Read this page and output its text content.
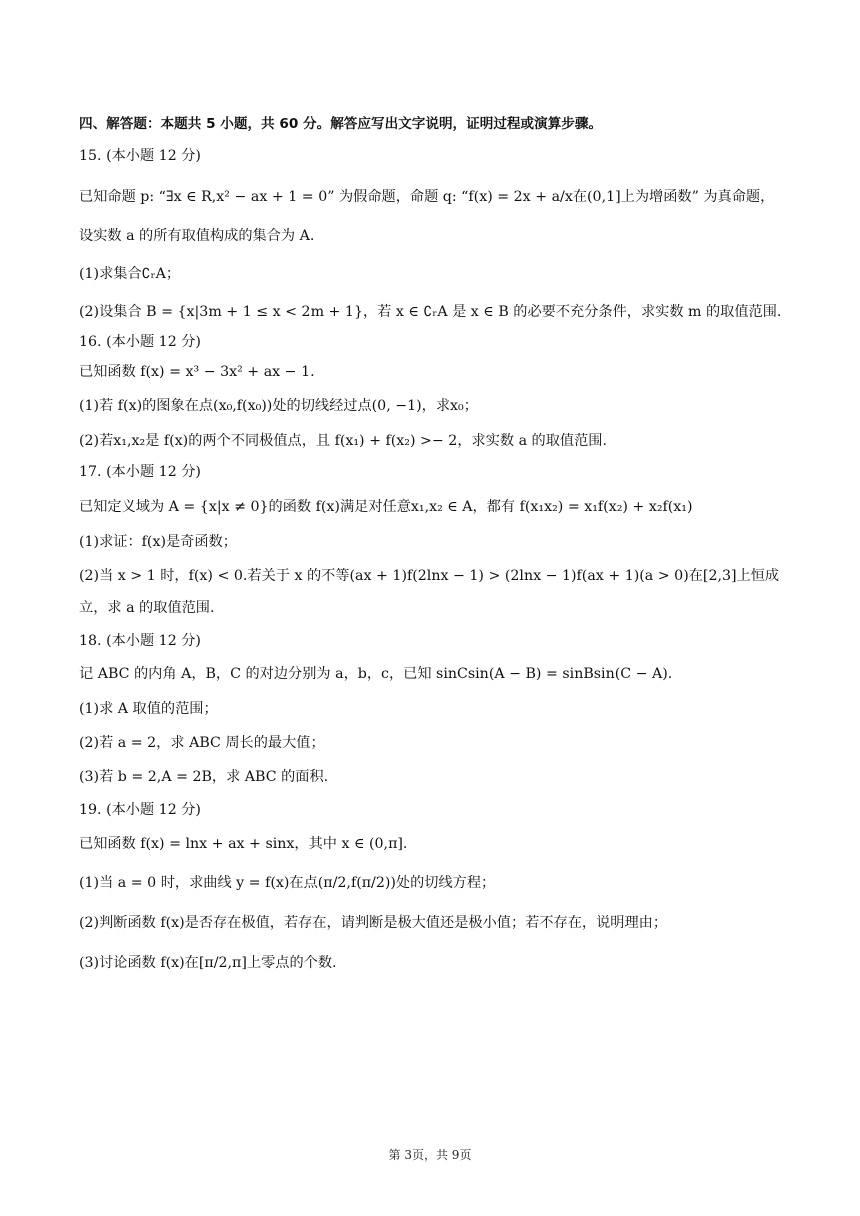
四、解答题：本题共 5 小题，共 60 分。解答应写出文字说明，证明过程或演算步骤。
15. (本小题 12 分)
已知命题 p: “∃x ∈ R,x² − ax + 1 = 0” 为假命题，命题 q: “f(x) = 2x + a/x在(0,1]上为增函数” 为真命题，
设实数 a 的所有取值构成的集合为 A.
(1)求集合∁ᵣA；
(2)设集合 B = {x|3m + 1 ≤ x < 2m + 1}，若 x ∈ ∁ᵣA 是 x ∈ B 的必要不充分条件，求实数 m 的取值范围.
16. (本小题 12 分)
已知函数 f(x) = x³ − 3x² + ax − 1.
(1)若 f(x)的图象在点(x₀,f(x₀))处的切线经过点(0, −1)，求x₀；
(2)若x₁,x₂是 f(x)的两个不同极值点，且 f(x₁) + f(x₂) >− 2，求实数 a 的取值范围.
17. (本小题 12 分)
已知定义域为 A = {x|x ≠ 0}的函数 f(x)满足对任意x₁,x₂ ∈ A，都有 f(x₁x₂) = x₁f(x₂) + x₂f(x₁)
(1)求证：f(x)是奇函数；
(2)当 x > 1 时，f(x) < 0.若关于 x 的不等(ax + 1)f(2lnx − 1) > (2lnx − 1)f(ax + 1)(a > 0)在[2,3]上恒成
立，求 a 的取值范围.
18. (本小题 12 分)
记 ABC 的内角 A，B，C 的对边分别为 a，b，c，已知 sinCsin(A − B) = sinBsin(C − A).
(1)求 A 取值的范围；
(2)若 a = 2，求 ABC 周长的最大值；
(3)若 b = 2,A = 2B，求 ABC 的面积.
19. (本小题 12 分)
已知函数 f(x) = lnx + ax + sinx，其中 x ∈ (0,π].
(1)当 a = 0 时，求曲线 y = f(x)在点(π/2,f(π/2))处的切线方程；
(2)判断函数 f(x)是否存在极值，若存在，请判断是极大值还是极小值；若不存在，说明理由；
(3)讨论函数 f(x)在[π/2,π]上零点的个数.
第 3页，共 9页
